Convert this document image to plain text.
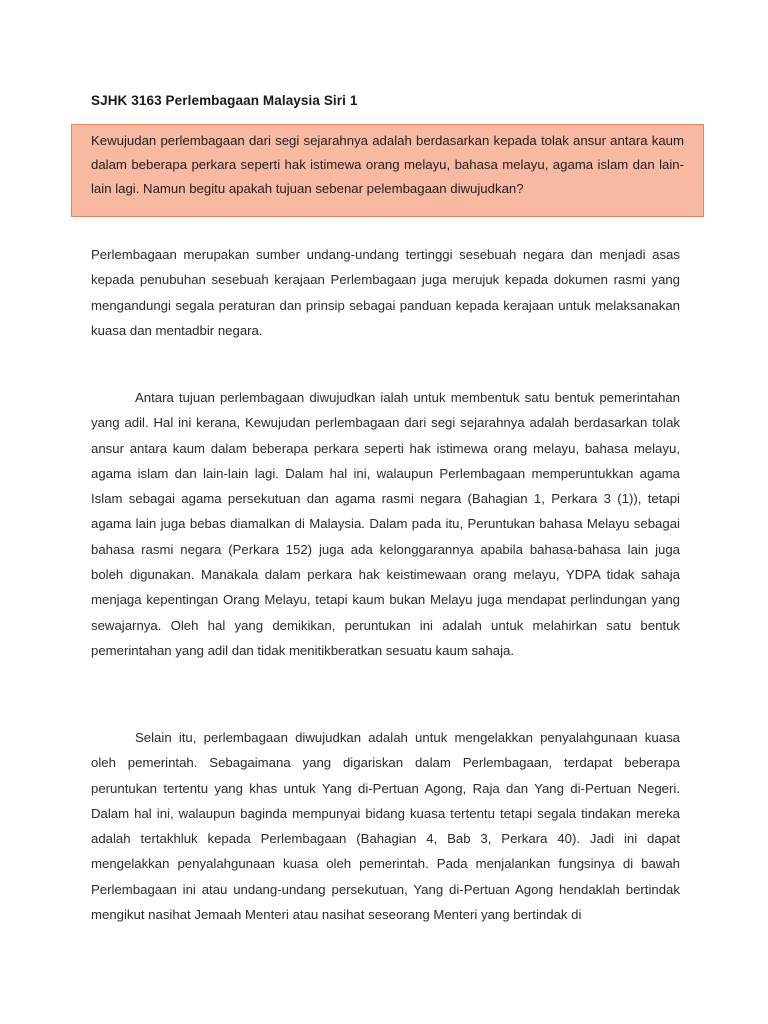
SJHK 3163 Perlembagaan Malaysia Siri 1
Kewujudan perlembagaan dari segi sejarahnya adalah berdasarkan kepada tolak ansur antara kaum dalam beberapa perkara seperti hak istimewa orang melayu, bahasa melayu, agama islam dan lain-lain lagi. Namun begitu apakah tujuan sebenar pelembagaan diwujudkan?

Perlembagaan merupakan sumber undang-undang tertinggi sesebuah negara dan menjadi asas kepada penubuhan sesebuah kerajaan Perlembagaan juga merujuk kepada dokumen rasmi yang mengandungi segala peraturan dan prinsip sebagai panduan kepada kerajaan untuk melaksanakan kuasa dan mentadbir negara.

Antara tujuan perlembagaan diwujudkan ialah untuk membentuk satu bentuk pemerintahan yang adil. Hal ini kerana, Kewujudan perlembagaan dari segi sejarahnya adalah berdasarkan tolak ansur antara kaum dalam beberapa perkara seperti hak istimewa orang melayu, bahasa melayu, agama islam dan lain-lain lagi. Dalam hal ini, walaupun Perlembagaan memperuntukkan agama Islam sebagai agama persekutuan dan agama rasmi negara (Bahagian 1, Perkara 3 (1)), tetapi agama lain juga bebas diamalkan di Malaysia. Dalam pada itu, Peruntukan bahasa Melayu sebagai bahasa rasmi negara (Perkara 152) juga ada kelonggarannya apabila bahasa-bahasa lain juga boleh digunakan. Manakala dalam perkara hak keistimewaan orang melayu, YDPA tidak sahaja menjaga kepentingan Orang Melayu, tetapi kaum bukan Melayu juga mendapat perlindungan yang sewajarnya. Oleh hal yang demikikan, peruntukan ini adalah untuk melahirkan satu bentuk pemerintahan yang adil dan tidak menitikberatkan sesuatu kaum sahaja.

Selain itu, perlembagaan diwujudkan adalah untuk mengelakkan penyalahgunaan kuasa oleh pemerintah. Sebagaimana yang digariskan dalam Perlembagaan, terdapat beberapa peruntukan tertentu yang khas untuk Yang di-Pertuan Agong, Raja dan Yang di-Pertuan Negeri. Dalam hal ini, walaupun baginda mempunyai bidang kuasa tertentu tetapi segala tindakan mereka adalah tertakhluk kepada Perlembagaan (Bahagian 4, Bab 3, Perkara 40). Jadi ini dapat mengelakkan penyalahgunaan kuasa oleh pemerintah. Pada menjalankan fungsinya di bawah Perlembagaan ini atau undang-undang persekutuan, Yang di-Pertuan Agong hendaklah bertindak mengikut nasihat Jemaah Menteri atau nasihat seseorang Menteri yang bertindak di
